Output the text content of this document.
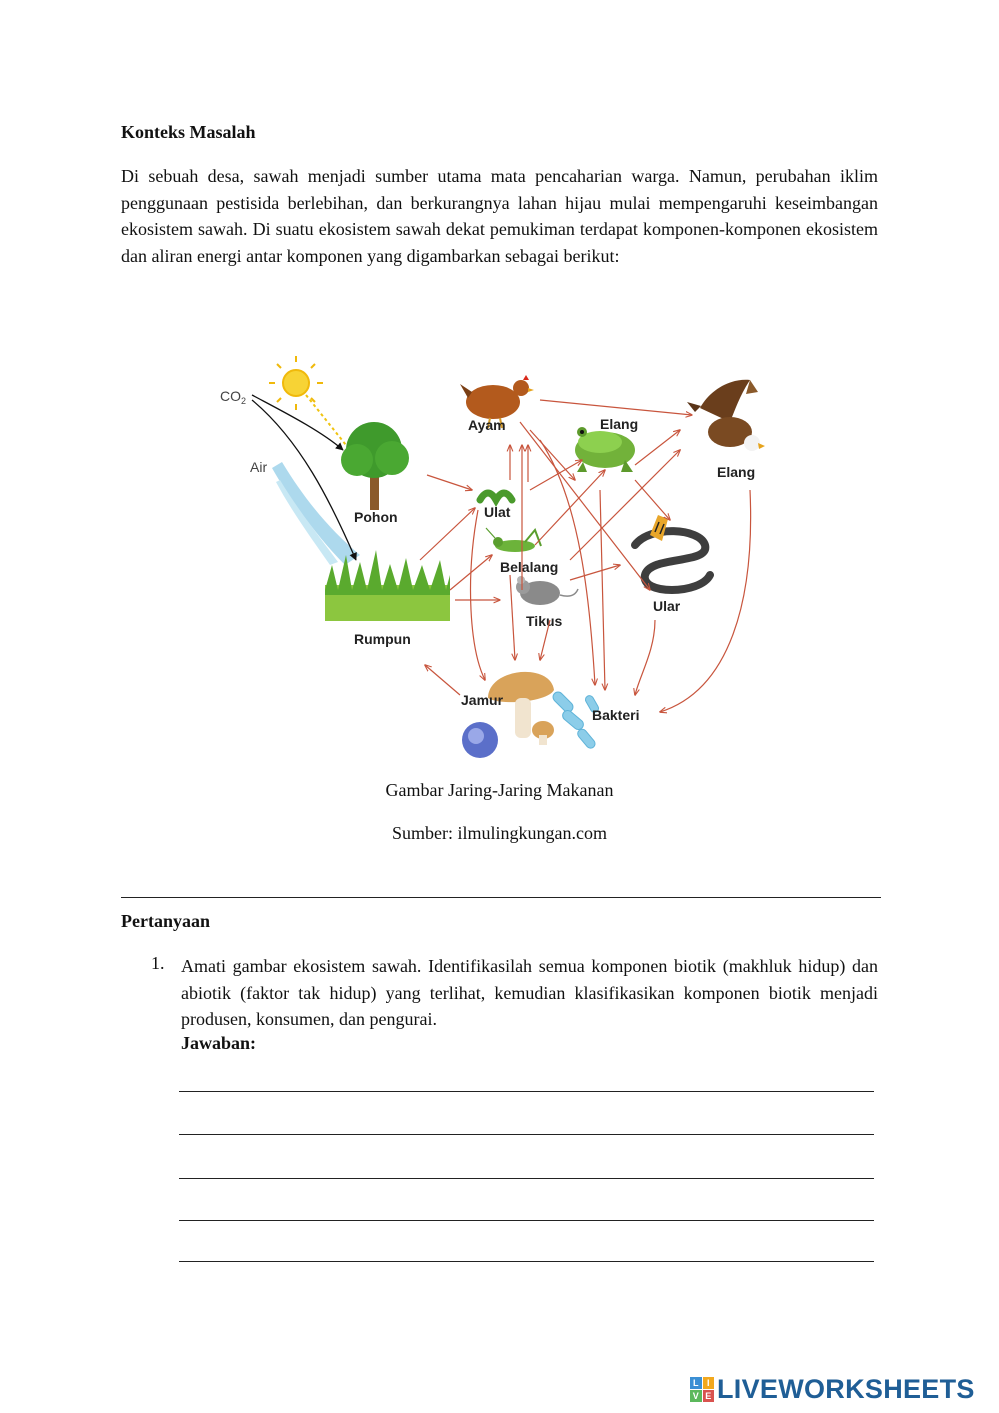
Konteks Masalah

Di sebuah desa, sawah menjadi sumber utama mata pencaharian warga. Namun, perubahan iklim penggunaan pestisida berlebihan, dan berkurangnya lahan hijau mulai mempengaruhi keseimbangan ekosistem sawah. Di suatu ekosistem sawah dekat pemukiman terdapat komponen-komponen ekosistem dan aliran energi antar komponen yang digambarkan sebagai berikut:

$CO_2$
Air
Pohon
Rumpun
Ayam	Elang
Elang
Ulat
Belalang
Tikus
Ular
Jamur
Bakteri

Gambar Jaring-Jaring Makanan

Sumber: ilmulingkungan.com

Pertanyaan
1. Amati gambar ekosistem sawah. Identifikasilah semua komponen biotik (makhluk hidup) dan abiotik (faktor tak hidup) yang terlihat, kemudian klasifikasikan komponen biotik menjadi produsen, konsumen, dan pengurai.

Jawaban:

L I
V E LIVEWORKSHEETS
